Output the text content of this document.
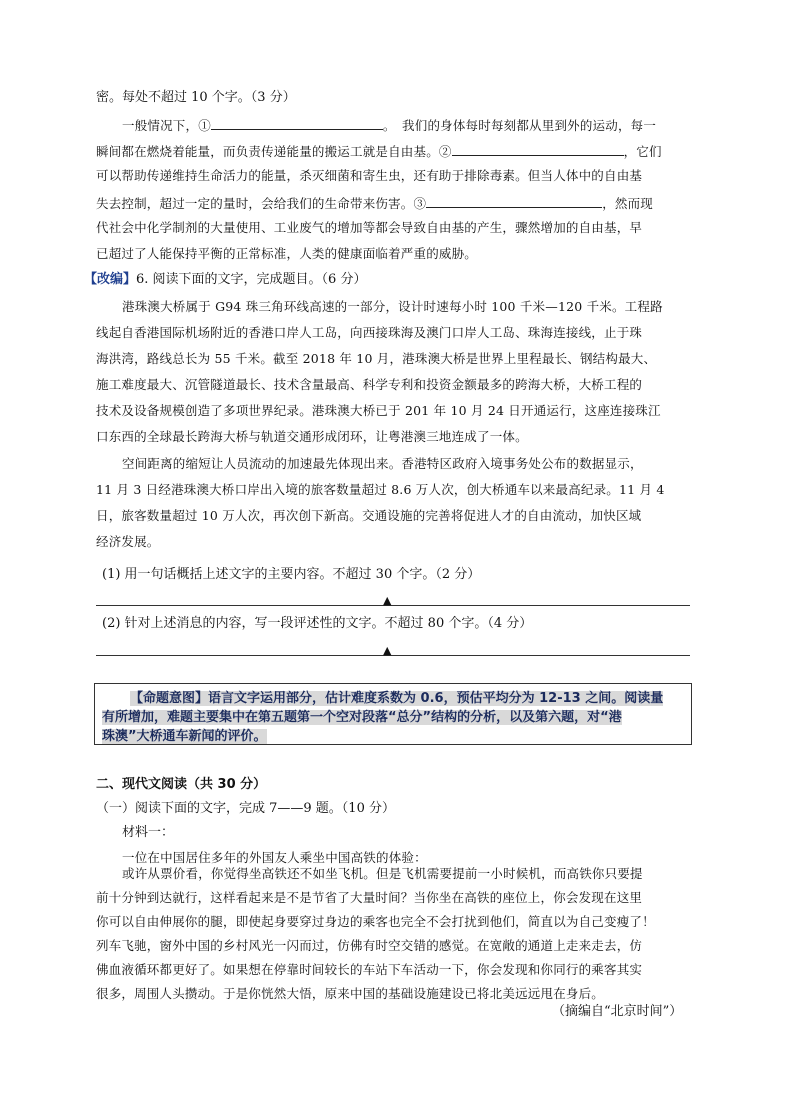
密。每处不超过 10 个字。（3 分）
一般情况下，①	。　我们的身体每时每刻都从里到外的运动，每一
瞬间都在燃烧着能量，而负责传递能量的搬运工就是自由基。②	，它们
可以帮助传递维持生命活力的能量，杀灭细菌和寄生虫，还有助于排除毒素。但当人体中的自由基
失去控制，超过一定的量时，会给我们的生命带来伤害。③	，然而现
代社会中化学制剂的大量使用、工业废气的增加等都会导致自由基的产生，骤然增加的自由基，早
已超过了人能保持平衡的正常标准，人类的健康面临着严重的威胁。
【改编】6. 阅读下面的文字，完成题目。（6 分）
港珠澳大桥属于 G94 珠三角环线高速的一部分，设计时速每小时 100 千米—120 千米。工程路
线起自香港国际机场附近的香港口岸人工岛，向西接珠海及澳门口岸人工岛、珠海连接线，止于珠
海洪湾，路线总长为 55 千米。截至 2018 年 10 月，港珠澳大桥是世界上里程最长、钢结构最大、
施工难度最大、沉管隧道最长、技术含量最高、科学专利和投资金额最多的跨海大桥，大桥工程的
技术及设备规模创造了多项世界纪录。港珠澳大桥已于 201 年 10 月 24 日开通运行，这座连接珠江
口东西的全球最长跨海大桥与轨道交通形成闭环，让粤港澳三地连成了一体。
空间距离的缩短让人员流动的加速最先体现出来。香港特区政府入境事务处公布的数据显示，
11 月 3 日经港珠澳大桥口岸出入境的旅客数量超过 8.6 万人次，创大桥通车以来最高纪录。11 月 4
日，旅客数量超过 10 万人次，再次创下新高。交通设施的完善将促进人才的自由流动，加快区域
经济发展。
(1) 用一句话概括上述文字的主要内容。不超过 30 个字。（2 分）
▲
(2) 针对上述消息的内容，写一段评述性的文字。不超过 80 个字。（4 分）
▲
【命题意图】语言文字运用部分，估计难度系数为 0.6，预估平均分为 12-13 之间。阅读量
有所增加，难题主要集中在第五题第一个空对段落“总分”结构的分析，以及第六题，对“港
珠澳”大桥通车新闻的评价。
二、现代文阅读（共 30 分）
（一）阅读下面的文字，完成 7——9 题。（10 分）
材料一：
一位在中国居住多年的外国友人乘坐中国高铁的体验：
或许从票价看，你觉得坐高铁还不如坐飞机。但是飞机需要提前一小时候机，而高铁你只要提
前十分钟到达就行，这样看起来是不是节省了大量时间？当你坐在高铁的座位上，你会发现在这里
你可以自由伸展你的腿，即使起身要穿过身边的乘客也完全不会打扰到他们，简直以为自己变瘦了！
列车飞驰，窗外中国的乡村风光一闪而过，仿佛有时空交错的感觉。在宽敞的通道上走来走去，仿
佛血液循环都更好了。如果想在停靠时间较长的车站下车活动一下，你会发现和你同行的乘客其实
很多，周围人头攒动。于是你恍然大悟，原来中国的基础设施建设已将北美远远甩在身后。
（摘编自“北京时间”）
